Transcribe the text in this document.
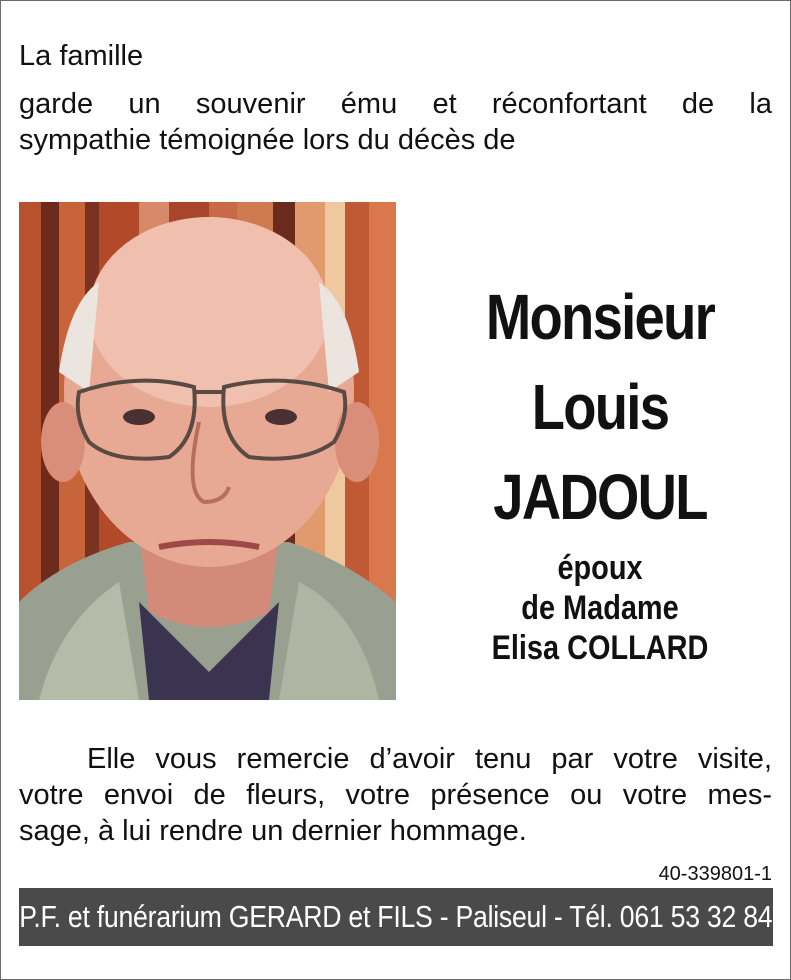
La famille
garde un souvenir ému et réconfortant de la
sympathie témoignée lors du décès de
Monsieur
Louis
JADOUL
époux
de Madame
Elisa COLLARD
Elle vous remercie d’avoir tenu par votre visite,
votre envoi de fleurs, votre présence ou votre mes-
sage, à lui rendre un dernier hommage.
40-339801-1
P.F. et funérarium GERARD et FILS - Paliseul - Tél. 061 53 32 84
